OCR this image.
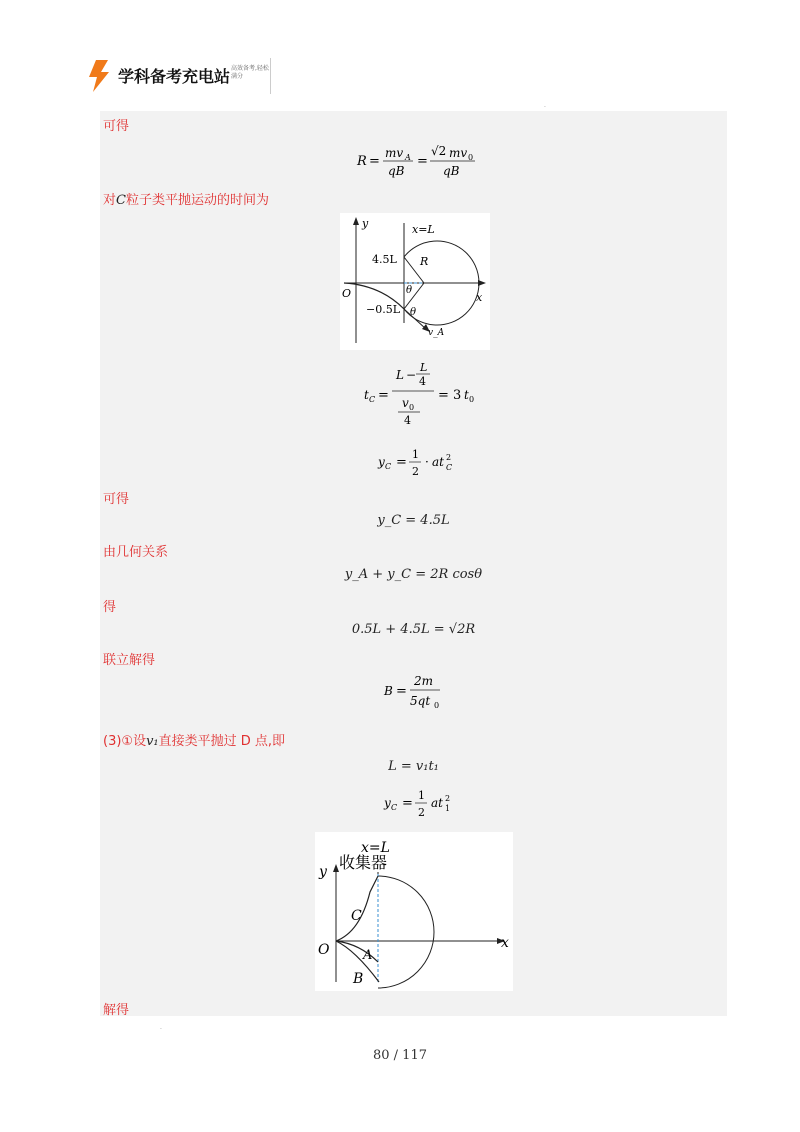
学科备考充电站 高效备考,轻松满分
.
可得
R =
mv A
qB
=
√2 mv 0
qB
对C粒子类平抛运动的时间为
y
x
O
x=L
4.5L R
θ
−0.5L θ
v_A
t C =
L −
L
4
v 0
4
= 3 t 0
y C =
1
2
· at 2
C
可得
y_C = 4.5L
由几何关系
y_A + y_C = 2R cosθ
得
0.5L + 4.5L = √2R
联立解得
B =
2m
5qt 0
(3)①设v₁直接类平抛过 D 点,即
L = v₁t₁
y C =
1
2
at 2
1
x=L
收集器
y
x
O
C
A
B
解得
.
80 / 117
